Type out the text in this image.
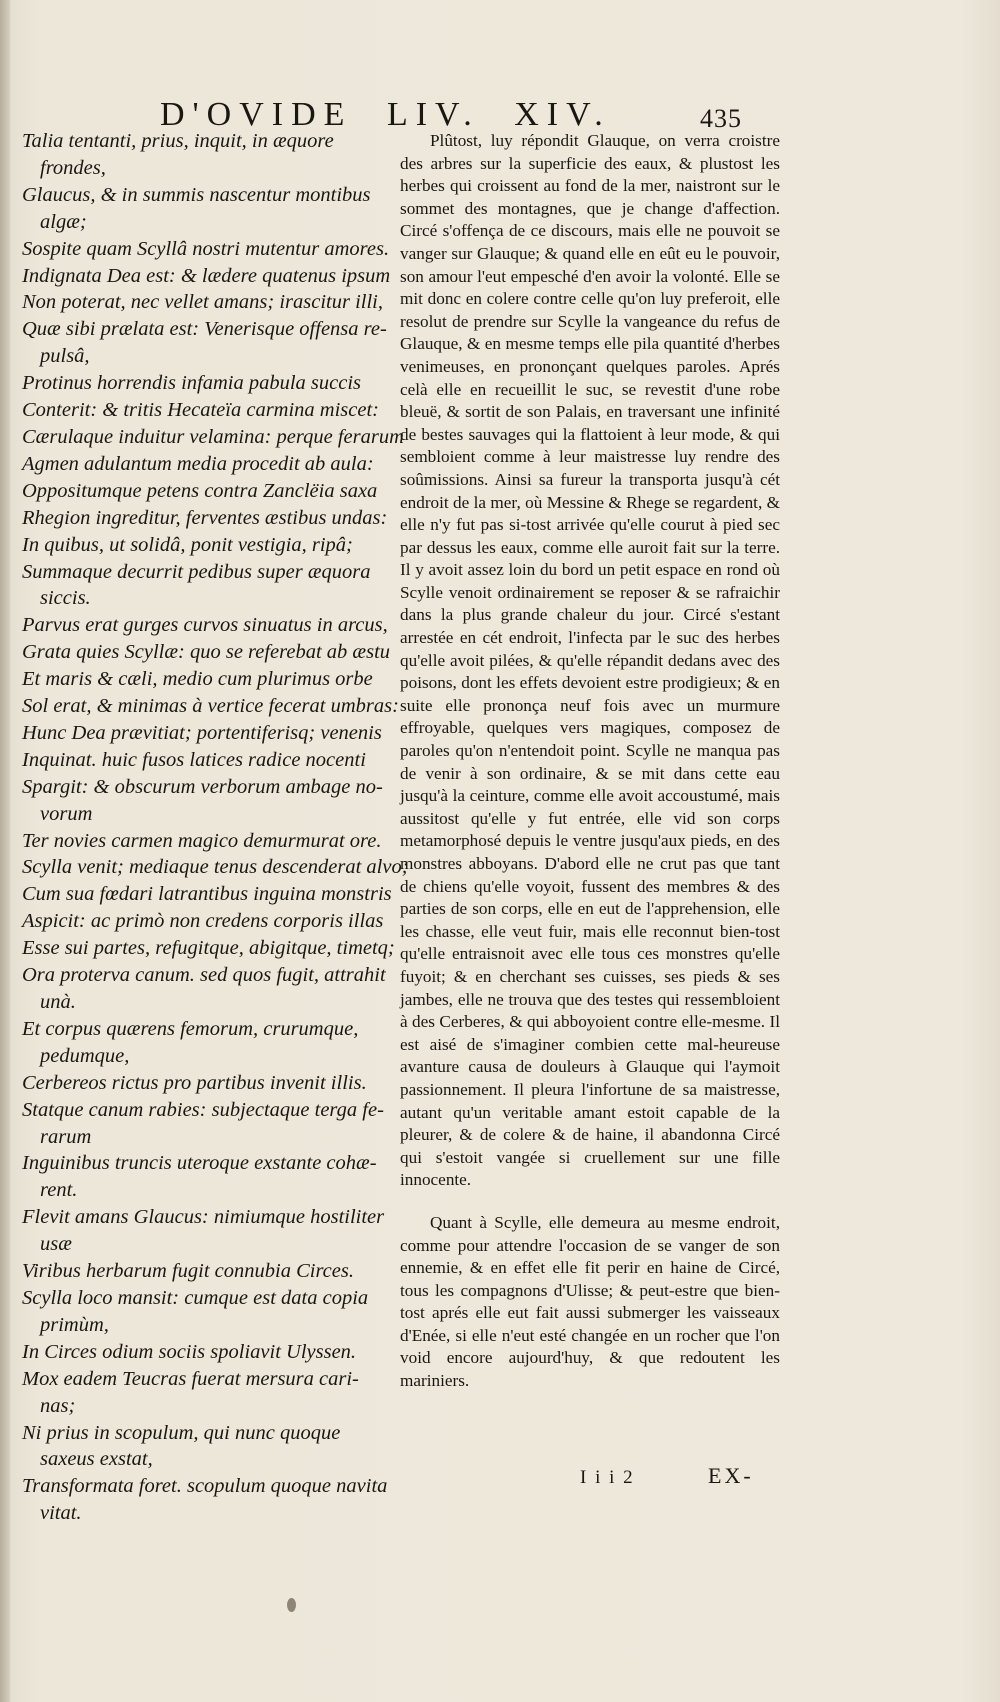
D'OVIDE LIV. XIV.	435
Talia tentanti, prius, inquit, in æquore
frondes,
Glaucus, & in summis nascentur montibus
algæ;
Sospite quam Scyllâ nostri mutentur amores.
Indignata Dea est: & lædere quatenus ipsum
Non poterat, nec vellet amans; irascitur illi,
Quæ sibi prælata est: Venerisque offensa re-
pulsâ,
Protinus horrendis infamia pabula succis
Conterit: & tritis Hecateïa carmina miscet:
Cærulaque induitur velamina: perque ferarum
Agmen adulantum media procedit ab aula:
Oppositumque petens contra Zanclëia saxa
Rhegion ingreditur, ferventes æstibus undas:
In quibus, ut solidâ, ponit vestigia, ripâ;
Summaque decurrit pedibus super æquora
siccis.
Parvus erat gurges curvos sinuatus in arcus,
Grata quies Scyllæ: quo se referebat ab æstu
Et maris & cæli, medio cum plurimus orbe
Sol erat, & minimas à vertice fecerat umbras:
Hunc Dea prævitiat; portentiferisq; venenis
Inquinat. huic fusos latices radice nocenti
Spargit: & obscurum verborum ambage no-
vorum
Ter novies carmen magico demurmurat ore.
Scylla venit; mediaque tenus descenderat alvo;
Cum sua fœdari latrantibus inguina monstris
Aspicit: ac primò non credens corporis illas
Esse sui partes, refugitque, abigitque, timetq;
Ora proterva canum. sed quos fugit, attrahit
unà.
Et corpus quærens femorum, crurumque,
pedumque,
Cerbereos rictus pro partibus invenit illis.
Statque canum rabies: subjectaque terga fe-
rarum
Inguinibus truncis uteroque exstante cohæ-
rent.
Flevit amans Glaucus: nimiumque hostiliter
usæ
Viribus herbarum fugit connubia Circes.
Scylla loco mansit: cumque est data copia
primùm,
In Circes odium sociis spoliavit Ulyssen.
Mox eadem Teucras fuerat mersura cari-
nas;
Ni prius in scopulum, qui nunc quoque
saxeus exstat,
Transformata foret. scopulum quoque navita
vitat.

Plûtost, luy répondit Glauque, on verra croistre des arbres sur la superficie des eaux, & plustost les herbes qui croissent au fond de la mer, naistront sur le sommet des montagnes, que je change d'affection. Circé s'offença de ce discours, mais elle ne pouvoit se vanger sur Glauque; & quand elle en eût eu le pouvoir, son amour l'eut empesché d'en avoir la volonté. Elle se mit donc en colere contre celle qu'on luy preferoit, elle resolut de prendre sur Scylle la vangeance du refus de Glauque, & en mesme temps elle pila quantité d'herbes venimeuses, en prononçant quelques paroles. Aprés celà elle en recueillit le suc, se revestit d'une robe bleuë, & sortit de son Palais, en traversant une infinité de bestes sauvages qui la flattoient à leur mode, & qui sembloient comme à leur maistresse luy rendre des soûmissions. Ainsi sa fureur la transporta jusqu'à cét endroit de la mer, où Messine & Rhege se regardent, & elle n'y fut pas si-tost arrivée qu'elle courut à pied sec par dessus les eaux, comme elle auroit fait sur la terre. Il y avoit assez loin du bord un petit espace en rond où Scylle venoit ordinairement se reposer & se rafraichir dans la plus grande chaleur du jour. Circé s'estant arrestée en cét endroit, l'infecta par le suc des herbes qu'elle avoit pilées, & qu'elle répandit dedans avec des poisons, dont les effets devoient estre prodigieux; & en suite elle prononça neuf fois avec un murmure effroyable, quelques vers magiques, composez de paroles qu'on n'entendoit point. Scylle ne manqua pas de venir à son ordinaire, & se mit dans cette eau jusqu'à la ceinture, comme elle avoit accoustumé, mais aussitost qu'elle y fut entrée, elle vid son corps metamorphosé depuis le ventre jusqu'aux pieds, en des monstres abboyans. D'abord elle ne crut pas que tant de chiens qu'elle voyoit, fussent des membres & des parties de son corps, elle en eut de l'apprehension, elle les chasse, elle veut fuir, mais elle reconnut bien-tost qu'elle entraisnoit avec elle tous ces monstres qu'elle fuyoit; & en cherchant ses cuisses, ses pieds & ses jambes, elle ne trouva que des testes qui ressembloient à des Cerberes, & qui abboyoient contre elle-mesme. Il est aisé de s'imaginer combien cette mal-heureuse avanture causa de douleurs à Glauque qui l'aymoit passionnement. Il pleura l'infortune de sa maistresse, autant qu'un veritable amant estoit capable de la pleurer, & de colere & de haine, il abandonna Circé qui s'estoit vangée si cruellement sur une fille innocente.

Quant à Scylle, elle demeura au mesme endroit, comme pour attendre l'occasion de se vanger de son ennemie, & en effet elle fit perir en haine de Circé, tous les compagnons d'Ulisse; & peut-estre que bien-tost aprés elle eut fait aussi submerger les vaisseaux d'Enée, si elle n'eut esté changée en un rocher que l'on void encore aujourd'huy, & que redoutent les mariniers.

I i i 2	EX-
